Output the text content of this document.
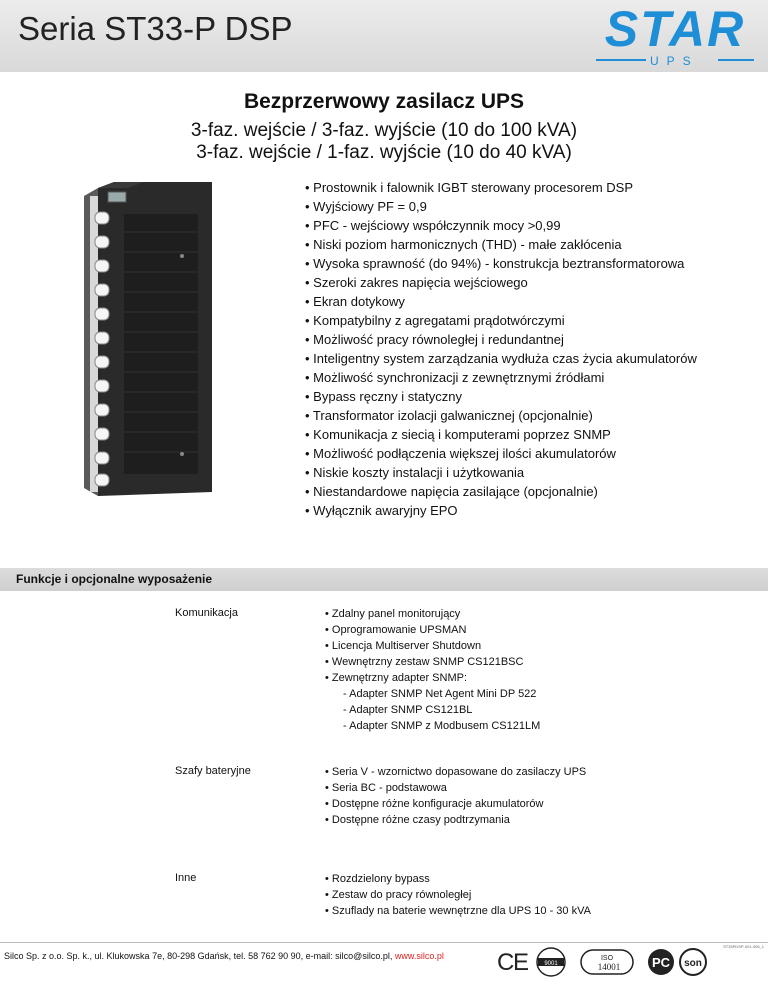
Seria ST33-P DSP	STAR
UPS
Bezprzerwowy zasilacz UPS
3-faz. wejście / 3-faz. wyjście (10 do 100 kVA)
3-faz. wejście / 1-faz. wyjście (10 do 40 kVA)
• Prostownik i falownik IGBT sterowany procesorem DSP
• Wyjściowy PF = 0,9
• PFC - wejściowy współczynnik mocy >0,99
• Niski poziom harmonicznych (THD) - małe zakłócenia
• Wysoka sprawność (do 94%) - konstrukcja beztransformatorowa
• Szeroki zakres napięcia wejściowego
• Ekran dotykowy
• Kompatybilny z agregatami prądotwórczymi
• Możliwość pracy równoległej i redundantnej
• Inteligentny system zarządzania wydłuża czas życia akumulatorów
• Możliwość synchronizacji z zewnętrznymi źródłami
• Bypass ręczny i statyczny
• Transformator izolacji galwanicznej (opcjonalnie)
• Komunikacja z siecią i komputerami poprzez SNMP
• Możliwość podłączenia większej ilości akumulatorów
• Niskie koszty instalacji i użytkowania
• Niestandardowe napięcia zasilające (opcjonalnie)
• Wyłącznik awaryjny EPO
Funkcje i opcjonalne wyposażenie
Komunikacja	• Zdalny panel monitorujący
• Oprogramowanie UPSMAN
• Licencja Multiserver Shutdown
• Wewnętrzny zestaw SNMP CS121BSC
• Zewnętrzny adapter SNMP:
- Adapter SNMP Net Agent Mini DP 522
- Adapter SNMP CS121BL
- Adapter SNMP z Modbusem CS121LM
Szafy bateryjne	• Seria V - wzornictwo dopasowane do zasilaczy UPS
• Seria BC - podstawowa
• Dostępne różne konfiguracje akumulatorów
• Dostępne różne czasy podtrzymania
Inne	• Rozdzielony bypass
• Zestaw do pracy równoległej
• Szuflady na baterie wewnętrzne dla UPS 10 - 30 kVA
ST33PDSP-001-006_1
Silco Sp. z o.o. Sp. k., ul. Klukowska 7e, 80-298 Gdańsk, tel. 58 762 90 90, e-mail: silco@silco.pl, www.silco.pl C
E	9001
ISO
14001 PC son
